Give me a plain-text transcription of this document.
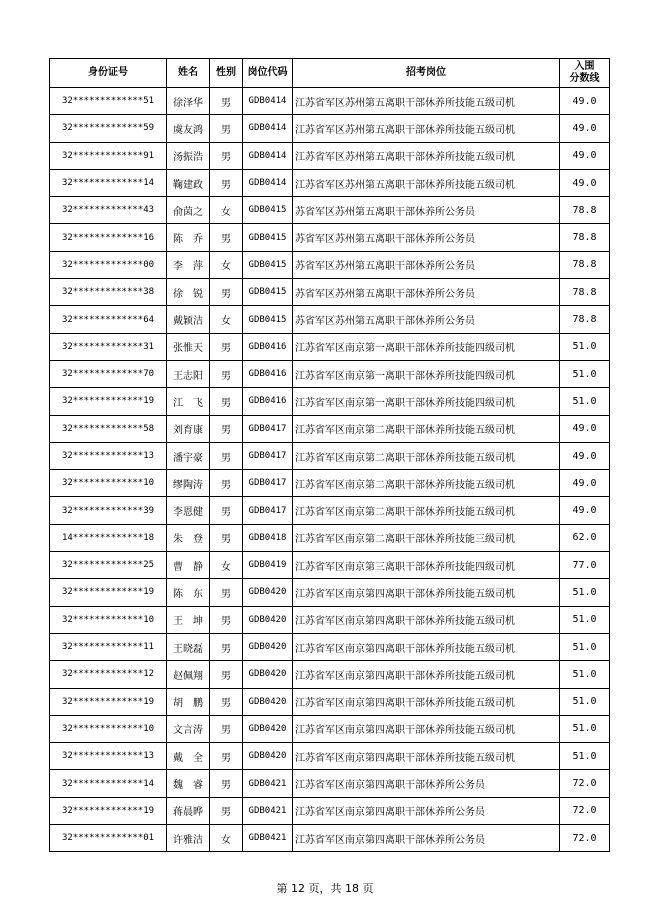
身份证号	姓名	性别	岗位代码	招考岗位	入围
分数线

32*************51	徐泽华	男	GDB0414	江苏省军区苏州第五离职干部休养所技能五级司机	49.0
32*************59	虞友鸿	男	GDB0414	江苏省军区苏州第五离职干部休养所技能五级司机	49.0
32*************91	汤振浩	男	GDB0414	江苏省军区苏州第五离职干部休养所技能五级司机	49.0
32*************14	鞠建政	男	GDB0414	江苏省军区苏州第五离职干部休养所技能五级司机	49.0
32*************43	俞茵之	女	GDB0415	苏省军区苏州第五离职干部休养所公务员	78.8
32*************16	陈　乔	男	GDB0415	苏省军区苏州第五离职干部休养所公务员	78.8
32*************00	李　萍	女	GDB0415	苏省军区苏州第五离职干部休养所公务员	78.8
32*************38	徐　锐	男	GDB0415	苏省军区苏州第五离职干部休养所公务员	78.8
32*************64	戴颖洁	女	GDB0415	苏省军区苏州第五离职干部休养所公务员	78.8
32*************31	张惟天	男	GDB0416	江苏省军区南京第一离职干部休养所技能四级司机	51.0
32*************70	王志阳	男	GDB0416	江苏省军区南京第一离职干部休养所技能四级司机	51.0
32*************19	江　飞	男	GDB0416	江苏省军区南京第一离职干部休养所技能四级司机	51.0
32*************58	刘育康	男	GDB0417	江苏省军区南京第二离职干部休养所技能五级司机	49.0
32*************13	潘宇豪	男	GDB0417	江苏省军区南京第二离职干部休养所技能五级司机	49.0
32*************10	缪陶涛	男	GDB0417	江苏省军区南京第二离职干部休养所技能五级司机	49.0
32*************39	李恩健	男	GDB0417	江苏省军区南京第二离职干部休养所技能五级司机	49.0
14*************18	朱　登	男	GDB0418	江苏省军区南京第二离职干部休养所技能三级司机	62.0
32*************25	曹　静	女	GDB0419	江苏省军区南京第三离职干部休养所技能四级司机	77.0
32*************19	陈　东	男	GDB0420	江苏省军区南京第四离职干部休养所技能五级司机	51.0
32*************10	王　坤	男	GDB0420	江苏省军区南京第四离职干部休养所技能五级司机	51.0
32*************11	王晓磊	男	GDB0420	江苏省军区南京第四离职干部休养所技能五级司机	51.0
32*************12	赵佩翔	男	GDB0420	江苏省军区南京第四离职干部休养所技能五级司机	51.0
32*************19	胡　鹏	男	GDB0420	江苏省军区南京第四离职干部休养所技能五级司机	51.0
32*************10	文言涛	男	GDB0420	江苏省军区南京第四离职干部休养所技能五级司机	51.0
32*************13	戴　全	男	GDB0420	江苏省军区南京第四离职干部休养所技能五级司机	51.0
32*************14	魏　睿	男	GDB0421	江苏省军区南京第四离职干部休养所公务员	72.0
32*************19	蒋晨晔	男	GDB0421	江苏省军区南京第四离职干部休养所公务员	72.0
32*************01	许雅洁	女	GDB0421	江苏省军区南京第四离职干部休养所公务员	72.0
第 12 页，共 18 页
